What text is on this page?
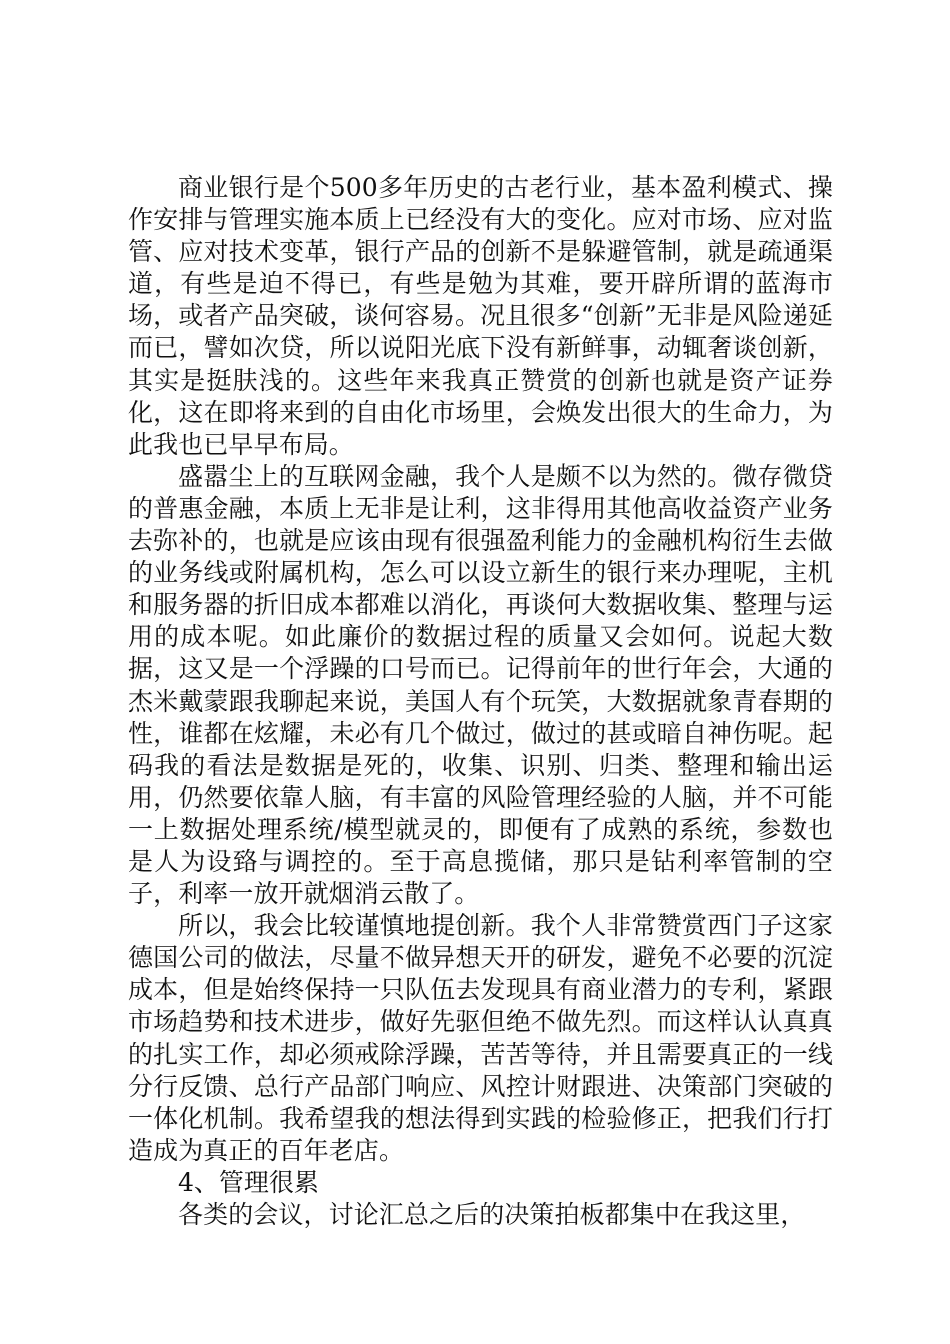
商业银行是个500多年历史的古老行业，基本盈利模式、操作安排与管理实施本质上已经没有大的变化。应对市场、应对监管、应对技术变革，银行产品的创新不是躲避管制，就是疏通渠道，有些是迫不得已，有些是勉为其难，要开辟所谓的蓝海市场，或者产品突破，谈何容易。况且很多“创新”无非是风险递延而已，譬如次贷，所以说阳光底下没有新鲜事，动辄奢谈创新，其实是挺肤浅的。这些年来我真正赞赏的创新也就是资产证券化，这在即将来到的自由化市场里，会焕发出很大的生命力，为此我也已早早布局。

盛嚣尘上的互联网金融，我个人是颇不以为然的。微存微贷的普惠金融，本质上无非是让利，这非得用其他高收益资产业务去弥补的，也就是应该由现有很强盈利能力的金融机构衍生去做的业务线或附属机构，怎么可以设立新生的银行来办理呢，主机和服务器的折旧成本都难以消化，再谈何大数据收集、整理与运用的成本呢。如此廉价的数据过程的质量又会如何。说起大数据，这又是一个浮躁的口号而已。记得前年的世行年会，大通的杰米戴蒙跟我聊起来说，美国人有个玩笑，大数据就象青春期的性，谁都在炫耀，未必有几个做过，做过的甚或暗自神伤呢。起码我的看法是数据是死的，收集、识别、归类、整理和输出运用，仍然要依靠人脑，有丰富的风险管理经验的人脑，并不可能一上数据处理系统/模型就灵的，即便有了成熟的系统，参数也是人为设臵与调控的。至于高息揽储，那只是钻利率管制的空子，利率一放开就烟消云散了。

所以，我会比较谨慎地提创新。我个人非常赞赏西门子这家德国公司的做法，尽量不做异想天开的研发，避免不必要的沉淀成本，但是始终保持一只队伍去发现具有商业潜力的专利，紧跟市场趋势和技术进步，做好先驱但绝不做先烈。而这样认认真真的扎实工作，却必须戒除浮躁，苦苦等待，并且需要真正的一线分行反馈、总行产品部门响应、风控计财跟进、决策部门突破的一体化机制。我希望我的想法得到实践的检验修正，把我们行打造成为真正的百年老店。

4、管理很累

各类的会议，讨论汇总之后的决策拍板都集中在我这里，
